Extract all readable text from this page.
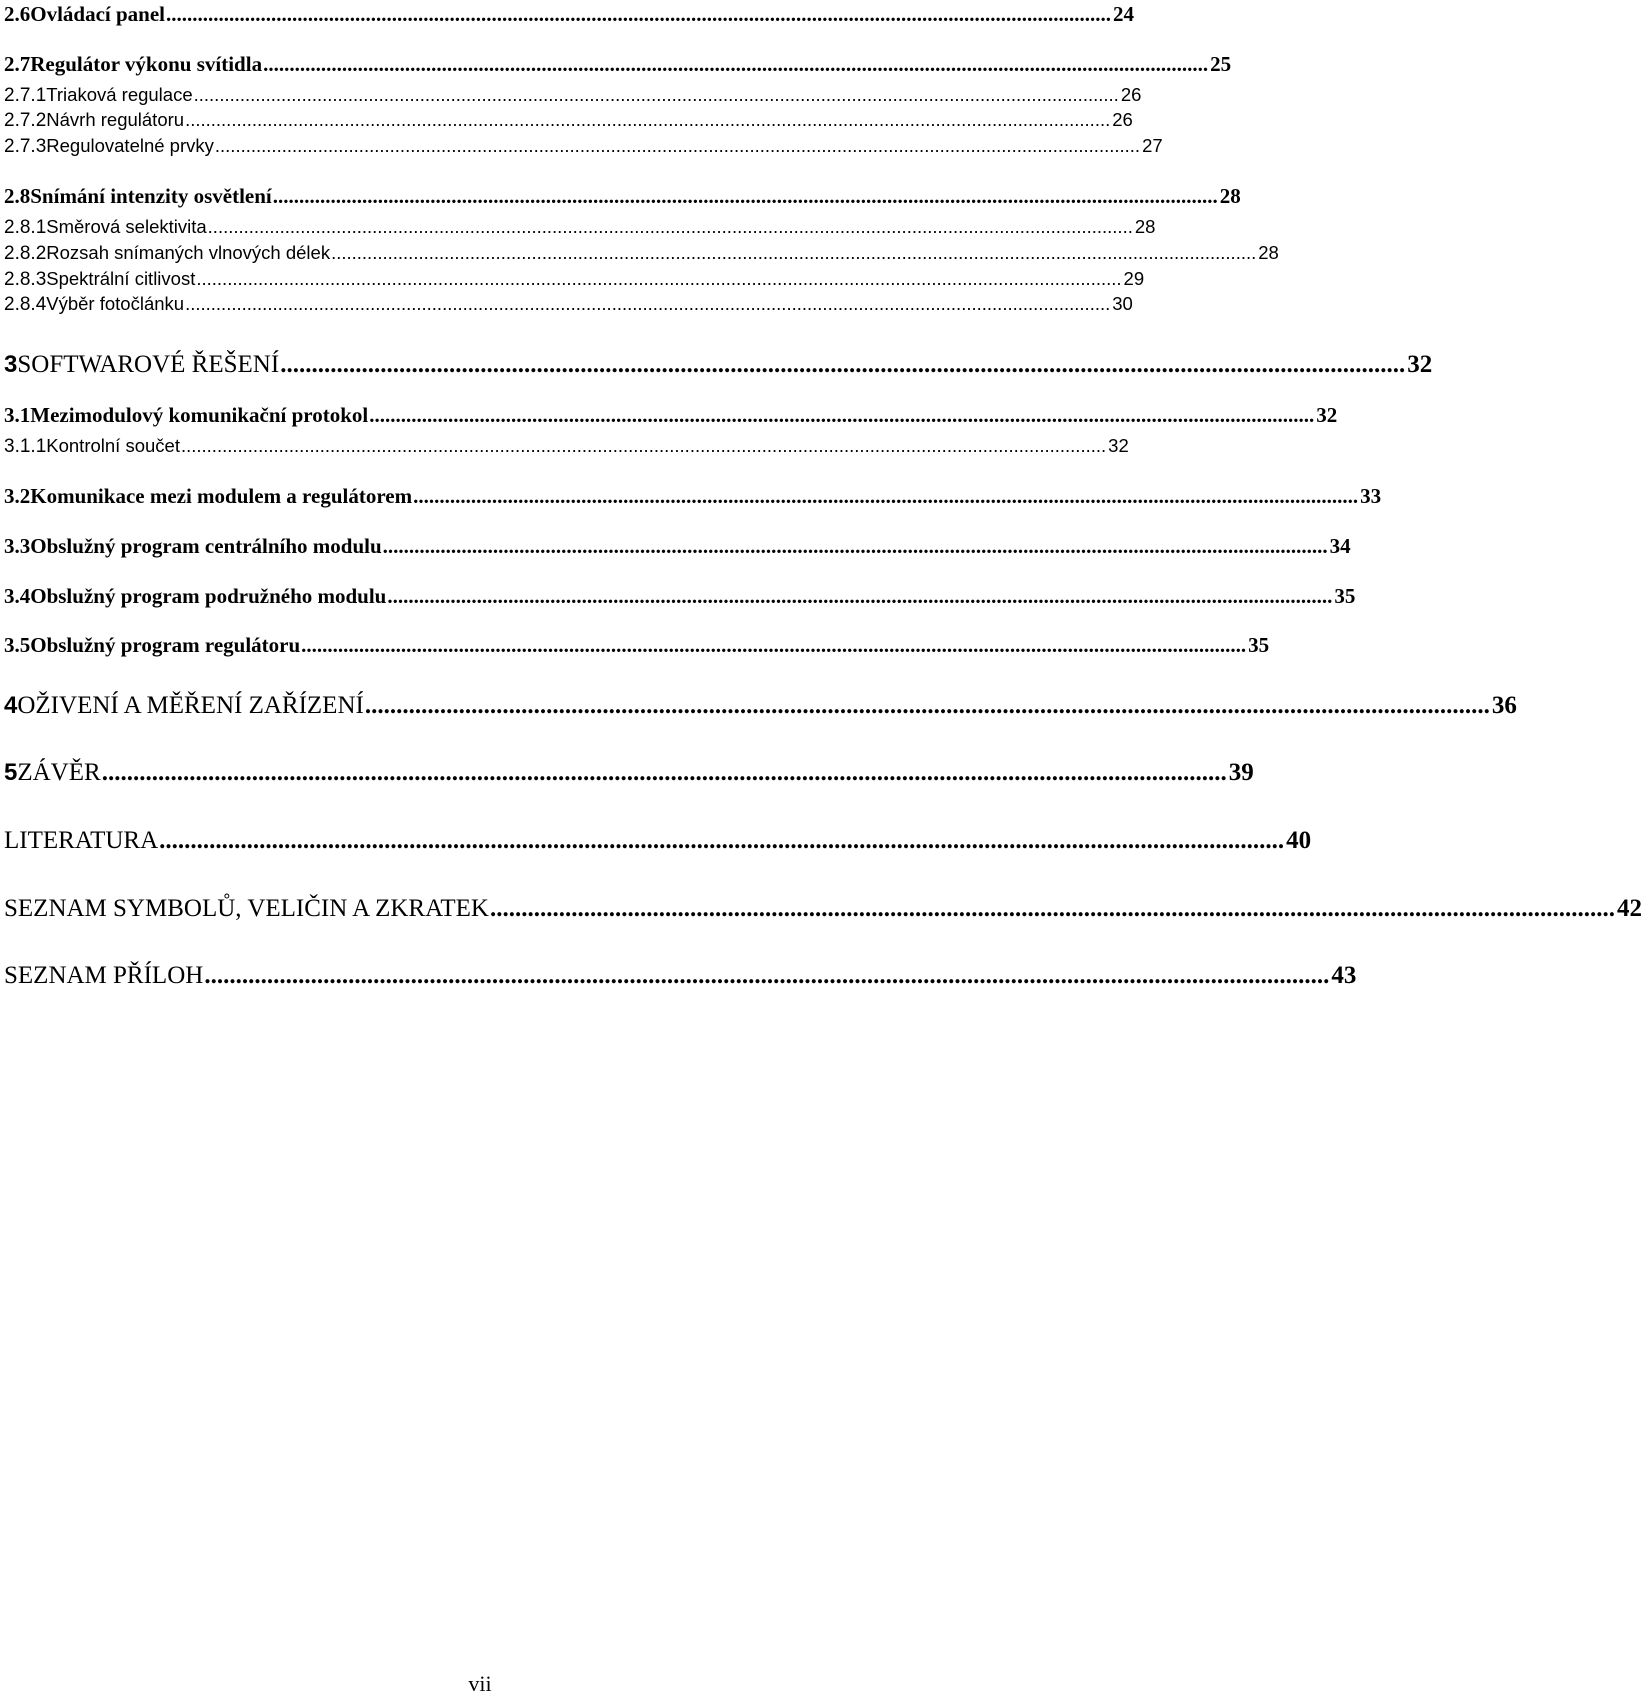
2.6 Ovládací panel .................................................................................................................................................................................... 24
2.7 Regulátor výkonu svítidla .................................................................................................................................................................................... 25
2.7.1 Triaková regulace .................................................................................................................................................................................... 26
2.7.2 Návrh regulátoru .................................................................................................................................................................................... 26
2.7.3 Regulovatelné prvky .................................................................................................................................................................................... 27
2.8 Snímání intenzity osvětlení .................................................................................................................................................................................... 28
2.8.1 Směrová selektivita .................................................................................................................................................................................... 28
2.8.2 Rozsah snímaných vlnových délek .................................................................................................................................................................................... 28
2.8.3 Spektrální citlivost .................................................................................................................................................................................... 29
2.8.4 Výběr fotočlánku .................................................................................................................................................................................... 30
3 SOFTWAROVÉ ŘEŠENÍ .................................................................................................................................................................................... 32
3.1 Mezimodulový komunikační protokol .................................................................................................................................................................................... 32
3.1.1 Kontrolní součet .................................................................................................................................................................................... 32
3.2 Komunikace mezi modulem a regulátorem .................................................................................................................................................................................... 33
3.3 Obslužný program centrálního modulu .................................................................................................................................................................................... 34
3.4 Obslužný program podružného modulu .................................................................................................................................................................................... 35
3.5 Obslužný program regulátoru .................................................................................................................................................................................... 35
4 OŽIVENÍ A MĚŘENÍ ZAŘÍZENÍ .................................................................................................................................................................................... 36
5 ZÁVĚR .................................................................................................................................................................................... 39
LITERATURA .................................................................................................................................................................................... 40
SEZNAM SYMBOLŮ, VELIČIN A ZKRATEK .................................................................................................................................................................................... 42
SEZNAM PŘÍLOH .................................................................................................................................................................................... 43
vii
